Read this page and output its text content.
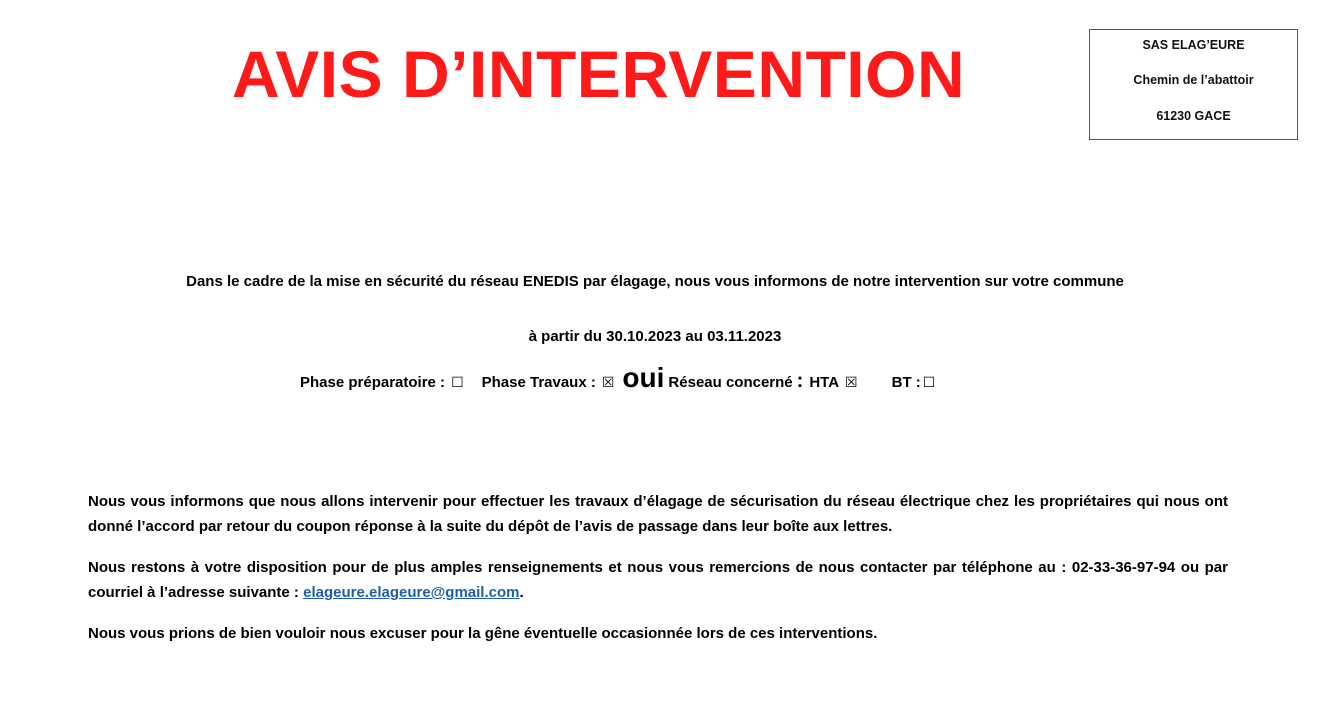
AVIS D’INTERVENTION	SAS ELAG’EURE
Chemin de l’abattoir
61230 GACE
Dans le cadre de la mise en sécurité du réseau ENEDIS par élagage, nous vous informons de notre intervention sur votre commune
à partir du 30.10.2023 au 03.11.2023
Phase préparatoire : ☐ Phase Travaux : ☒ oui Réseau concerné : HTA ☒ BT : ☐
Nous vous informons que nous allons intervenir pour effectuer les travaux d’élagage de sécurisation du réseau électrique chez les propriétaires qui nous ont donné l’accord par retour du coupon réponse à la suite du dépôt de l’avis de passage dans leur boîte aux lettres.
Nous restons à votre disposition pour de plus amples renseignements et nous vous remercions de nous contacter par téléphone au : 02-33-36-97-94 ou par courriel à l’adresse suivante : elageure.elageure@gmail.com.
Nous vous prions de bien vouloir nous excuser pour la gêne éventuelle occasionnée lors de ces interventions.
